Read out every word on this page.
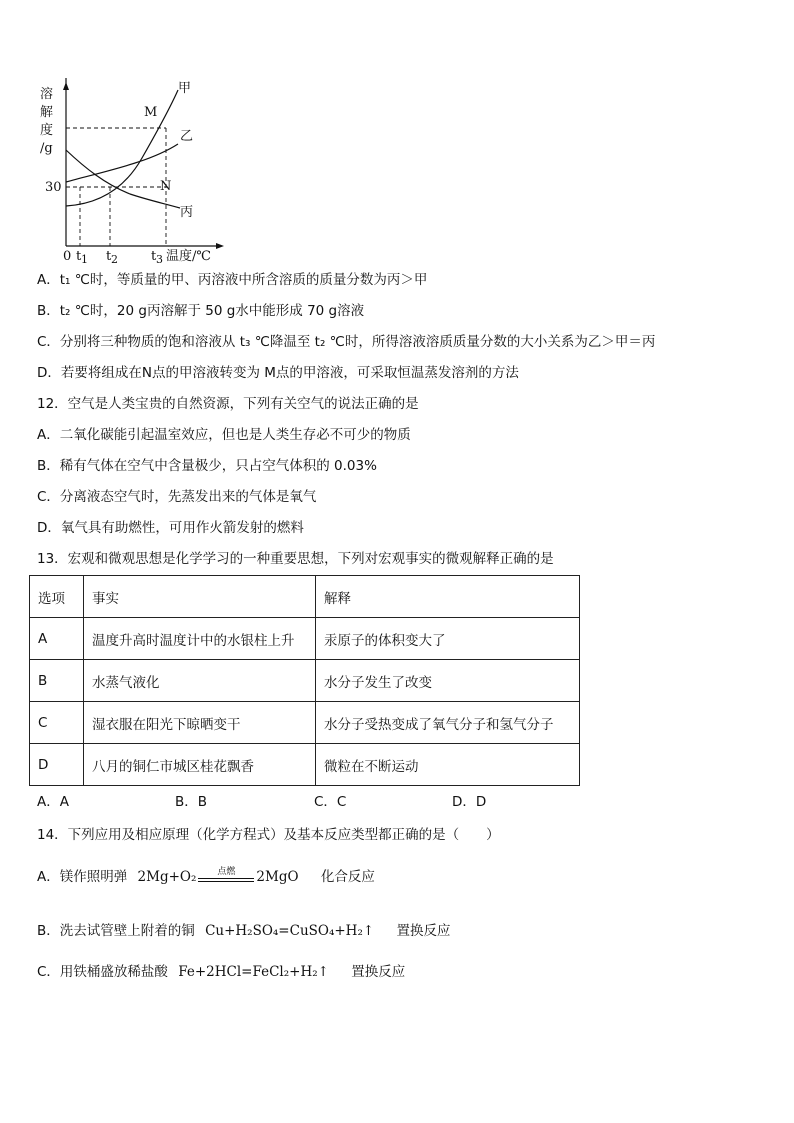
溶
解
度
/g
30
0 t 1 t 2	t 3 温度/℃
甲
乙
丙
M
N
A．t₁ ℃时，等质量的甲、丙溶液中所含溶质的质量分数为丙＞甲
B．t₂ ℃时，20 g丙溶解于 50 g水中能形成 70 g溶液
C．分别将三种物质的饱和溶液从 t₃ ℃降温至 t₂ ℃时，所得溶液溶质质量分数的大小关系为乙＞甲＝丙
D．若要将组成在N点的甲溶液转变为 M点的甲溶液，可采取恒温蒸发溶剂的方法
12．空气是人类宝贵的自然资源，下列有关空气的说法正确的是
A．二氧化碳能引起温室效应，但也是人类生存必不可少的物质
B．稀有气体在空气中含量极少，只占空气体积的 0.03%
C．分离液态空气时，先蒸发出来的气体是氧气
D．氧气具有助燃性，可用作火箭发射的燃料
13．宏观和微观思想是化学学习的一种重要思想，下列对宏观事实的微观解释正确的是
选项	事实	解释
A	温度升高时温度计中的水银柱上升	汞原子的体积变大了
B	水蒸气液化	水分子发生了改变
C	湿衣服在阳光下晾晒变干	水分子受热变成了氧气分子和氢气分子
D	八月的铜仁市城区桂花飘香	微粒在不断运动
A．A	B．B	C．C	D．D
14．下列应用及相应原理（化学方程式）及基本反应类型都正确的是（　　）
A．镁作照明弹 2Mg+O₂	点燃	2MgO 化合反应
B．洗去试管壁上附着的铜 Cu+H₂SO₄=CuSO₄+H₂↑ 置换反应
C．用铁桶盛放稀盐酸 Fe+2HCl=FeCl₂+H₂↑ 置换反应
